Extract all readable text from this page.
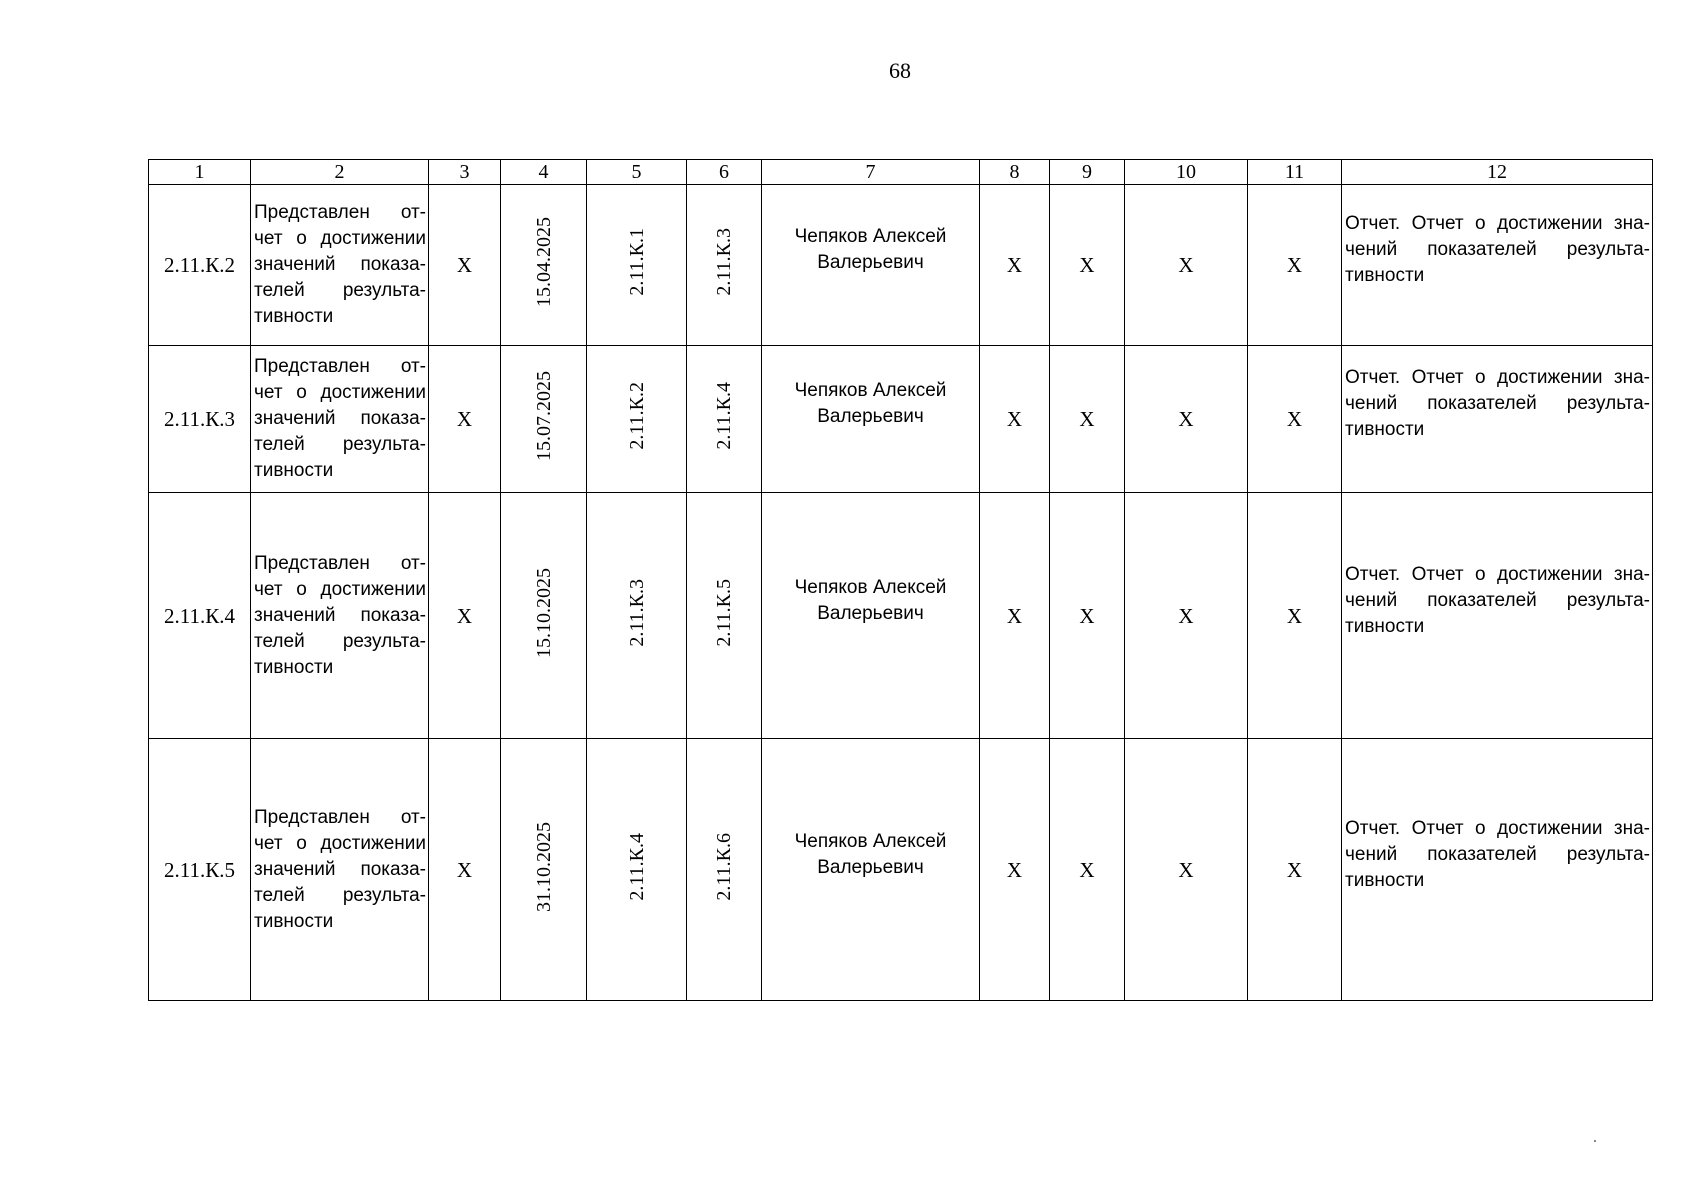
68
1	2	3	4	5	6	7	8	9	10	11	12
2.11.К.2	Представлен от-чет о достижении значений показа-телей результа-тивности	Х	15.04.2025	2.11.К.1	2.11.К.3	Чепяков Алексей Валерьевич	Х	Х	Х	Х	Отчет. Отчет о достижении зна-чений показателей результа-тивности

2.11.К.3	Представлен от-чет о достижении значений показа-телей результа-тивности	Х	15.07.2025	2.11.К.2	2.11.К.4	Чепяков Алексей Валерьевич	Х	Х	Х	Х	Отчет. Отчет о достижении зна-чений показателей результа-тивности

2.11.К.4	Представлен от-чет о достижении значений показа-телей результа-тивности	Х	15.10.2025	2.11.К.3	2.11.К.5	Чепяков Алексей Валерьевич	Х	Х	Х	Х	Отчет. Отчет о достижении зна-чений показателей результа-тивности

2.11.К.5	Представлен от-чет о достижении значений показа-телей результа-тивности	Х	31.10.2025	2.11.К.4	2.11.К.6	Чепяков Алексей Валерьевич	Х	Х	Х	Х	Отчет. Отчет о достижении зна-чений показателей результа-тивности
